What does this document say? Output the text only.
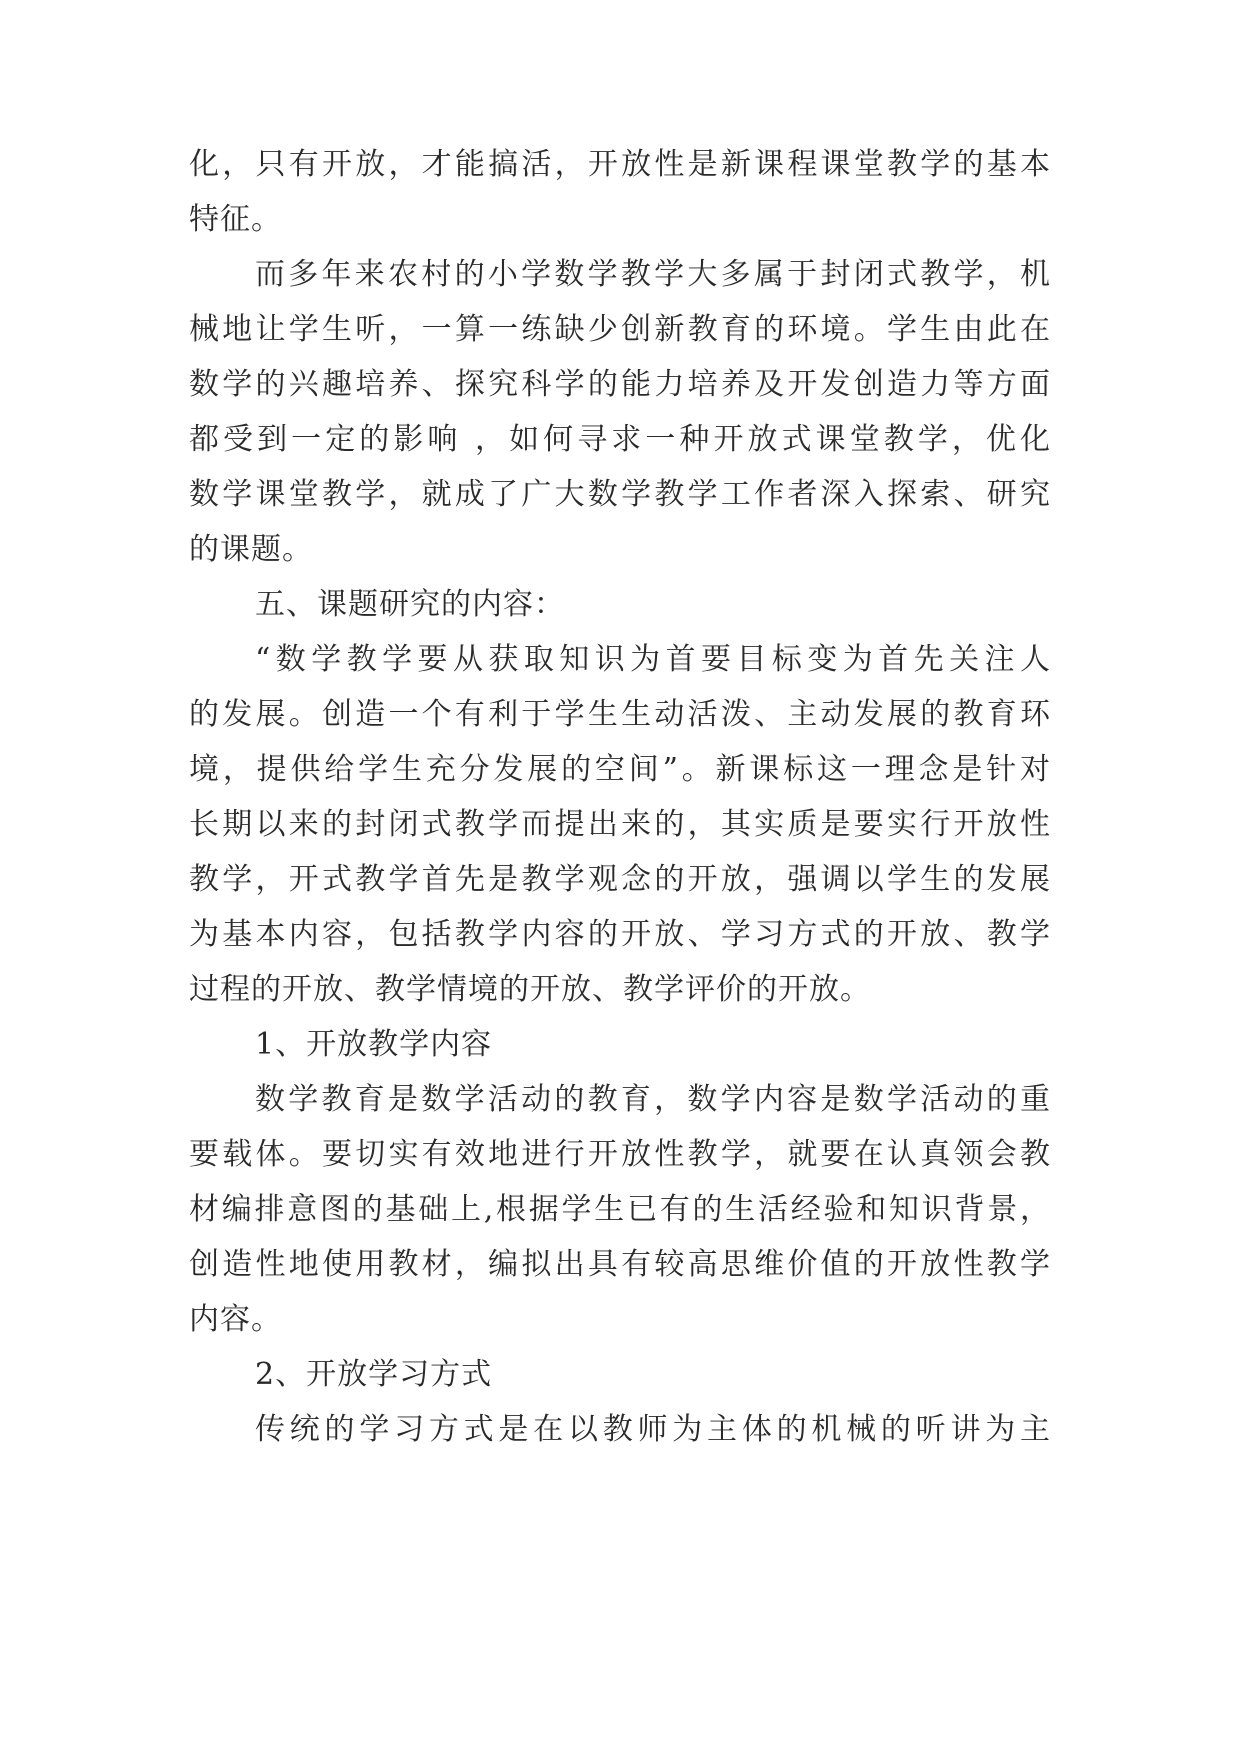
化，只有开放，才能搞活，开放性是新课程课堂教学的基本
特征。
而多年来农村的小学数学教学大多属于封闭式教学，机
械地让学生听，一算一练缺少创新教育的环境。学生由此在
数学的兴趣培养、探究科学的能力培养及开发创造力等方面
都受到一定的影响 ，如何寻求一种开放式课堂教学，优化
数学课堂教学，就成了广大数学教学工作者深入探索、研究
的课题。
五、课题研究的内容：
“数学教学要从获取知识为首要目标变为首先关注人
的发展。创造一个有利于学生生动活泼、主动发展的教育环
境，提供给学生充分发展的空间”。新课标这一理念是针对
长期以来的封闭式教学而提出来的，其实质是要实行开放性
教学，开式教学首先是教学观念的开放，强调以学生的发展
为基本内容，包括教学内容的开放、学习方式的开放、教学
过程的开放、教学情境的开放、教学评价的开放。
1、开放教学内容
数学教育是数学活动的教育，数学内容是数学活动的重
要载体。要切实有效地进行开放性教学，就要在认真领会教
材编排意图的基础上,根据学生已有的生活经验和知识背景，
创造性地使用教材，编拟出具有较高思维价值的开放性教学
内容。
2、开放学习方式
传统的学习方式是在以教师为主体的机械的听讲为主
